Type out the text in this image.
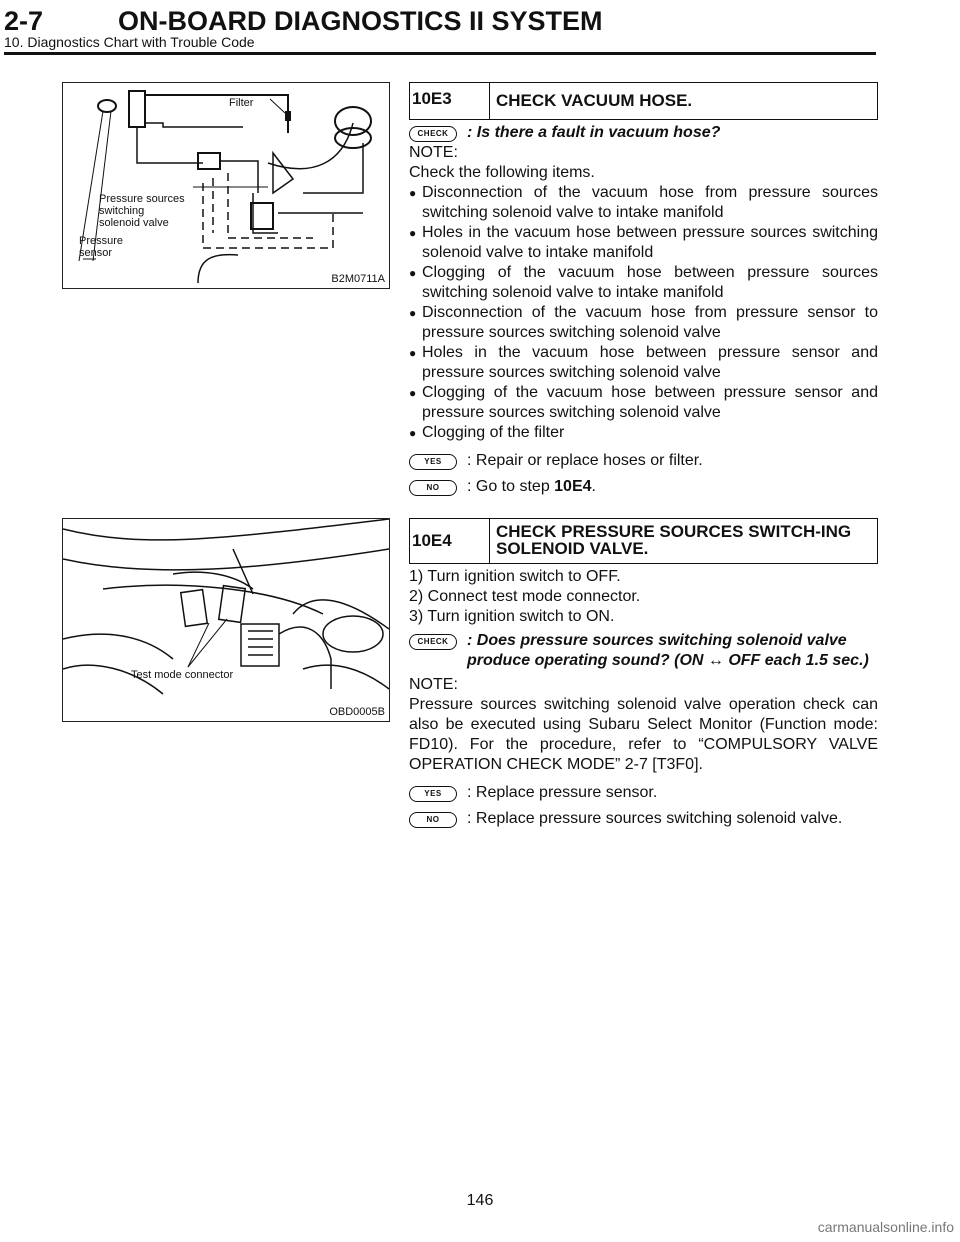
2-7	ON-BOARD DIAGNOSTICS II SYSTEM
10. Diagnostics Chart with Trouble Code
Filter
Pressure sources
switching
solenoid valve
Pressure
sensor
B2M0711A
Test mode connector
OBD0005B
10E3	CHECK VACUUM HOSE.
CHECK	: Is there a fault in vacuum hose?
NOTE:
Check the following items.
● Disconnection of the vacuum hose from pressure sources switching solenoid valve to intake manifold
● Holes in the vacuum hose between pressure sources switching solenoid valve to intake manifold
● Clogging of the vacuum hose between pressure sources switching solenoid valve to intake manifold
● Disconnection of the vacuum hose from pressure sensor to pressure sources switching solenoid valve
● Holes in the vacuum hose between pressure sensor and pressure sources switching solenoid valve
● Clogging of the vacuum hose between pressure sensor and pressure sources switching solenoid valve
● Clogging of the filter
YES	: Repair or replace hoses or filter.
NO	: Go to step 10E4.
10E4	CHECK PRESSURE SOURCES SWITCH-ING SOLENOID VALVE.
1) Turn ignition switch to OFF.
2) Connect test mode connector.
3) Turn ignition switch to ON.
CHECK	: Does pressure sources switching solenoid valve produce operating sound? (ON ↔ OFF each 1.5 sec.)
NOTE:
Pressure sources switching solenoid valve operation check can also be executed using Subaru Select Monitor (Function mode: FD10). For the procedure, refer to “COMPULSORY VALVE OPERATION CHECK MODE” 2-7 [T3F0].
YES	: Replace pressure sensor.
NO	: Replace pressure sources switching solenoid valve.
146
carmanualsonline.info
